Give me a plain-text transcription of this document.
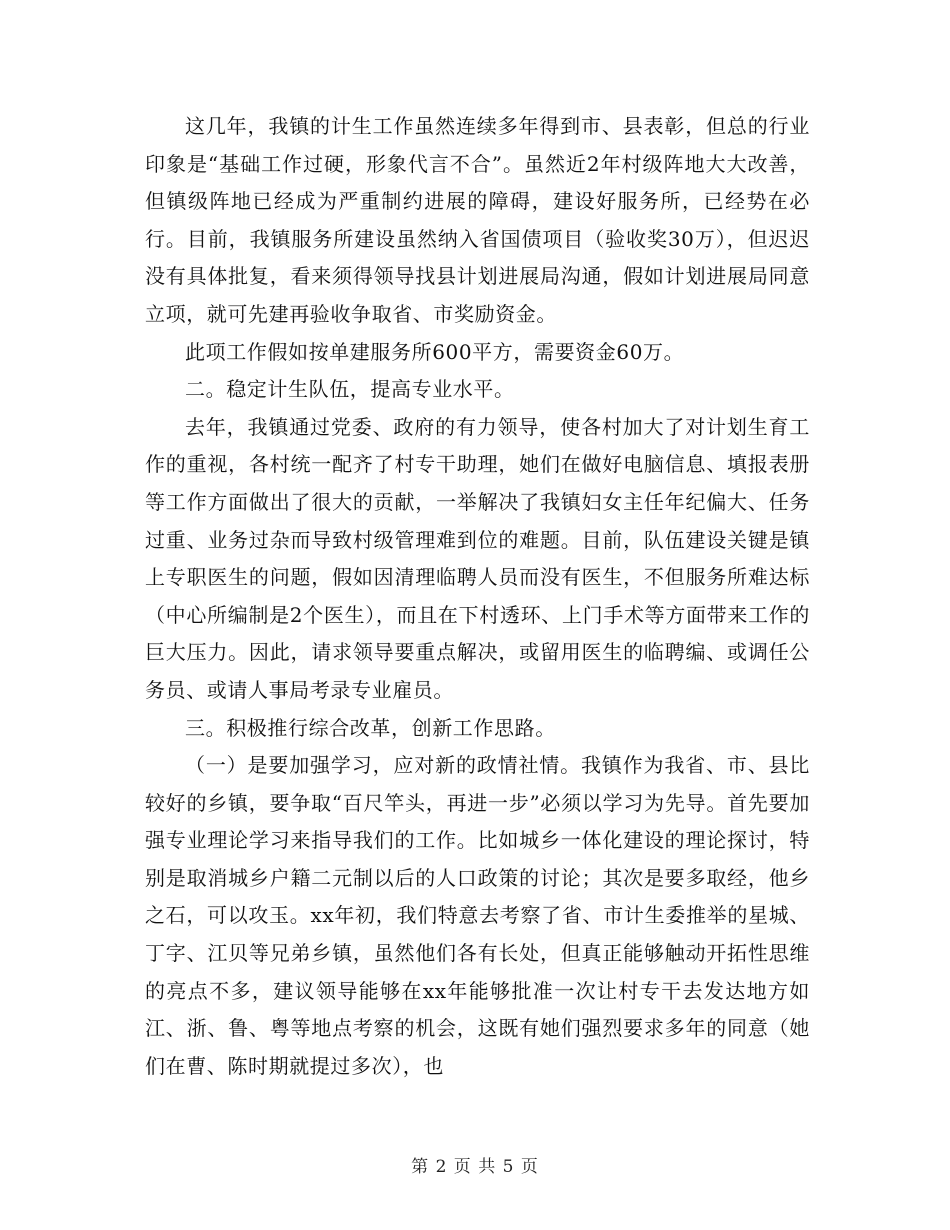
这几年，我镇的计生工作虽然连续多年得到市、县表彰，但总的行业印象是“基础工作过硬，形象代言不合”。虽然近2年村级阵地大大改善，但镇级阵地已经成为严重制约进展的障碍，建设好服务所，已经势在必行。目前，我镇服务所建设虽然纳入省国债项目（验收奖30万），但迟迟没有具体批复，看来须得领导找县计划进展局沟通，假如计划进展局同意立项，就可先建再验收争取省、市奖励资金。

此项工作假如按单建服务所600平方，需要资金60万。

二。稳定计生队伍，提高专业水平。

去年，我镇通过党委、政府的有力领导，使各村加大了对计划生育工作的重视，各村统一配齐了村专干助理，她们在做好电脑信息、填报表册等工作方面做出了很大的贡献，一举解决了我镇妇女主任年纪偏大、任务过重、业务过杂而导致村级管理难到位的难题。目前，队伍建设关键是镇上专职医生的问题，假如因清理临聘人员而没有医生，不但服务所难达标（中心所编制是2个医生），而且在下村透环、上门手术等方面带来工作的巨大压力。因此，请求领导要重点解决，或留用医生的临聘编、或调任公务员、或请人事局考录专业雇员。

三。积极推行综合改革，创新工作思路。

（一）是要加强学习，应对新的政情社情。我镇作为我省、市、县比较好的乡镇，要争取“百尺竿头，再进一步”必须以学习为先导。首先要加强专业理论学习来指导我们的工作。比如城乡一体化建设的理论探讨，特别是取消城乡户籍二元制以后的人口政策的讨论；其次是要多取经，他乡之石，可以攻玉。xx年初，我们特意去考察了省、市计生委推举的星城、丁字、江贝等兄弟乡镇，虽然他们各有长处，但真正能够触动开拓性思维的亮点不多，建议领导能够在xx年能够批准一次让村专干去发达地方如江、浙、鲁、粤等地点考察的机会，这既有她们强烈要求多年的同意（她们在曹、陈时期就提过多次），也

第 2 页 共 5 页
